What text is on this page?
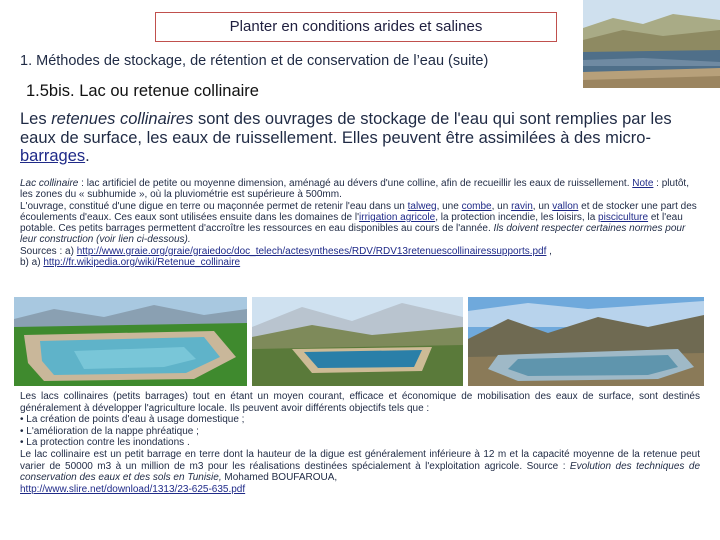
Planter en conditions arides et salines
1. Méthodes de stockage, de rétention et de conservation de l’eau (suite)
1.5bis. Lac ou retenue collinaire
Les retenues collinaires sont des ouvrages de stockage de l'eau qui sont remplies par les eaux de surface, les eaux de ruissellement. Elles peuvent être assimilées à des micro-barrages.
Lac collinaire : lac artificiel de petite ou moyenne dimension, aménagé au dévers d'une colline, afin de recueillir les eaux de ruissellement. Note : plutôt, les zones du « subhumide », où la pluviométrie est supérieure à 500mm.
L'ouvrage, constitué d'une digue en terre ou maçonnée permet de retenir l'eau dans un talweg, une combe, un ravin, un vallon et de stocker une part des écoulements d'eaux. Ces eaux sont utilisées ensuite dans les domaines de l'irrigation agricole, la protection incendie, les loisirs, la pisciculture et l'eau potable. Ces petits barrages permettent d'accroître les ressources en eau disponibles au cours de l'année. Ils doivent respecter certaines normes pour leur construction (voir lien ci-dessous).
Sources : a) http://www.graie.org/graie/graiedoc/doc_telech/actesyntheses/RDV/RDV13retenuescollinairessupports.pdf ,
b) a) http://fr.wikipedia.org/wiki/Retenue_collinaire
Les lacs collinaires (petits barrages) tout en étant un moyen courant, efficace et économique de mobilisation des eaux de surface, sont destinés généralement à développer l'agriculture locale. Ils peuvent avoir différents objectifs tels que :
• La création de points d'eau à usage domestique ;
• L'amélioration de la nappe phréatique ;
• La protection contre les inondations .
Le lac collinaire est un petit barrage en terre dont la hauteur de la digue est généralement inférieure à 12 m et la capacité moyenne de la retenue peut varier de 50000 m3 à un million de m3 pour les réalisations destinées spécialement à l'exploitation agricole. Source : Evolution des techniques de conservation des eaux et des sols en Tunisie, Mohamed BOUFAROUA,
http://www.slire.net/download/1313/23-625-635.pdf
